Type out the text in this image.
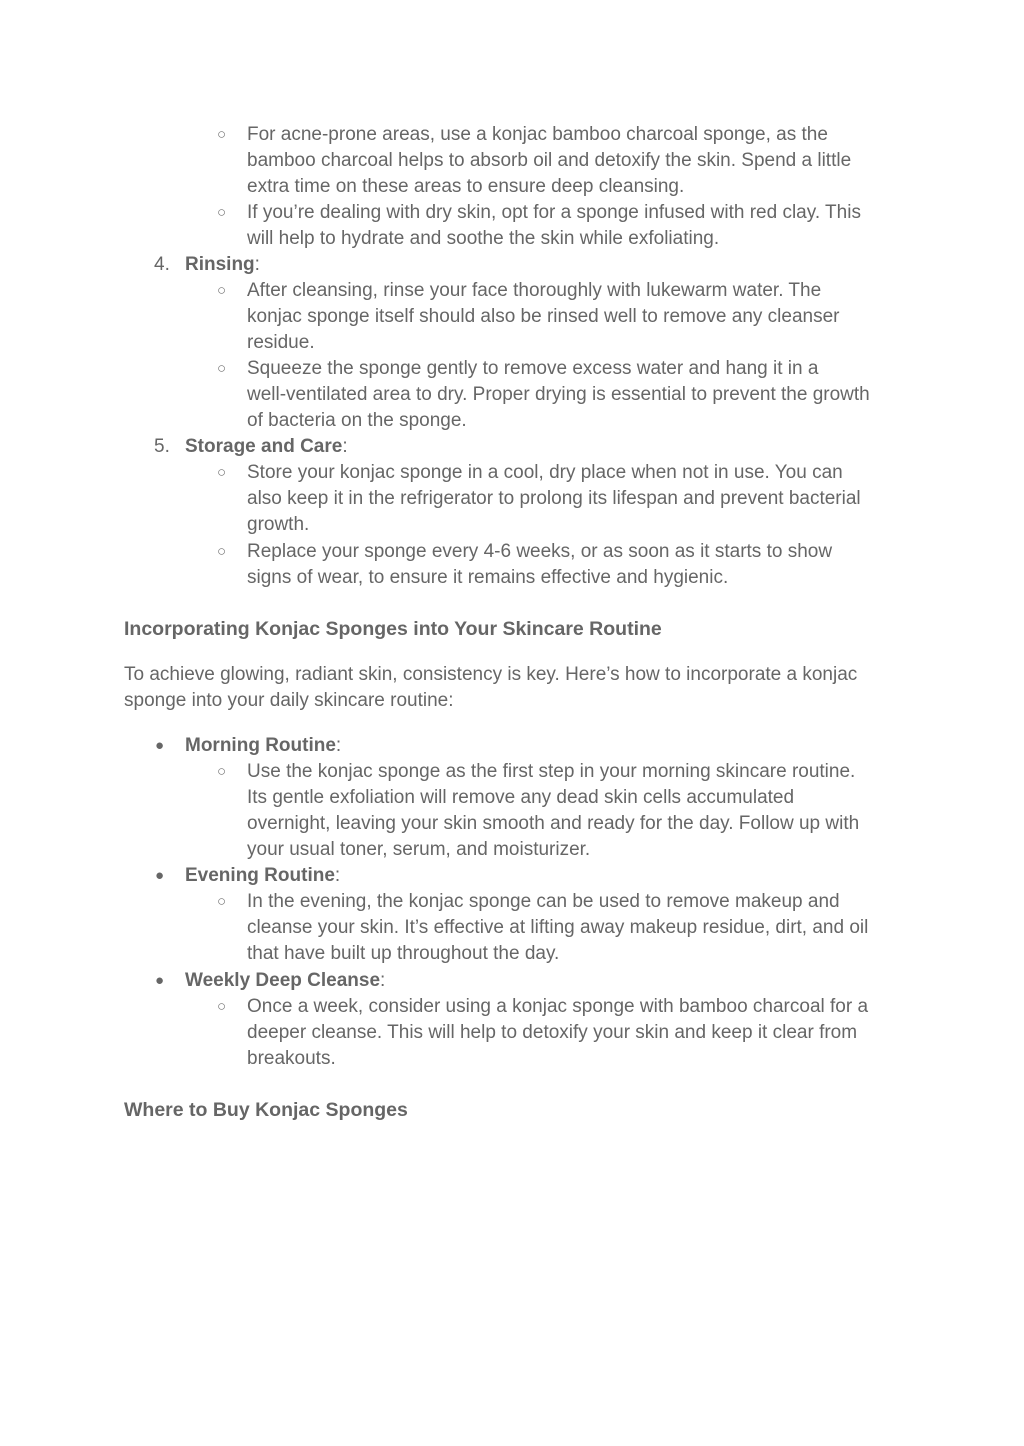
○ For acne-prone areas, use a konjac bamboo charcoal sponge, as the
bamboo charcoal helps to absorb oil and detoxify the skin. Spend a little
extra time on these areas to ensure deep cleansing.
○ If you’re dealing with dry skin, opt for a sponge infused with red clay. This
will help to hydrate and soothe the skin while exfoliating.
4. Rinsing:
○ After cleansing, rinse your face thoroughly with lukewarm water. The
konjac sponge itself should also be rinsed well to remove any cleanser
residue.
○ Squeeze the sponge gently to remove excess water and hang it in a
well-ventilated area to dry. Proper drying is essential to prevent the growth
of bacteria on the sponge.
5. Storage and Care:
○ Store your konjac sponge in a cool, dry place when not in use. You can
also keep it in the refrigerator to prolong its lifespan and prevent bacterial
growth.
○ Replace your sponge every 4-6 weeks, or as soon as it starts to show
signs of wear, to ensure it remains effective and hygienic.
Incorporating Konjac Sponges into Your Skincare Routine
To achieve glowing, radiant skin, consistency is key. Here’s how to incorporate a konjac
sponge into your daily skincare routine:
● Morning Routine:
○ Use the konjac sponge as the first step in your morning skincare routine.
Its gentle exfoliation will remove any dead skin cells accumulated
overnight, leaving your skin smooth and ready for the day. Follow up with
your usual toner, serum, and moisturizer.
● Evening Routine:
○ In the evening, the konjac sponge can be used to remove makeup and
cleanse your skin. It’s effective at lifting away makeup residue, dirt, and oil
that have built up throughout the day.
● Weekly Deep Cleanse:
○ Once a week, consider using a konjac sponge with bamboo charcoal for a
deeper cleanse. This will help to detoxify your skin and keep it clear from
breakouts.
Where to Buy Konjac Sponges
